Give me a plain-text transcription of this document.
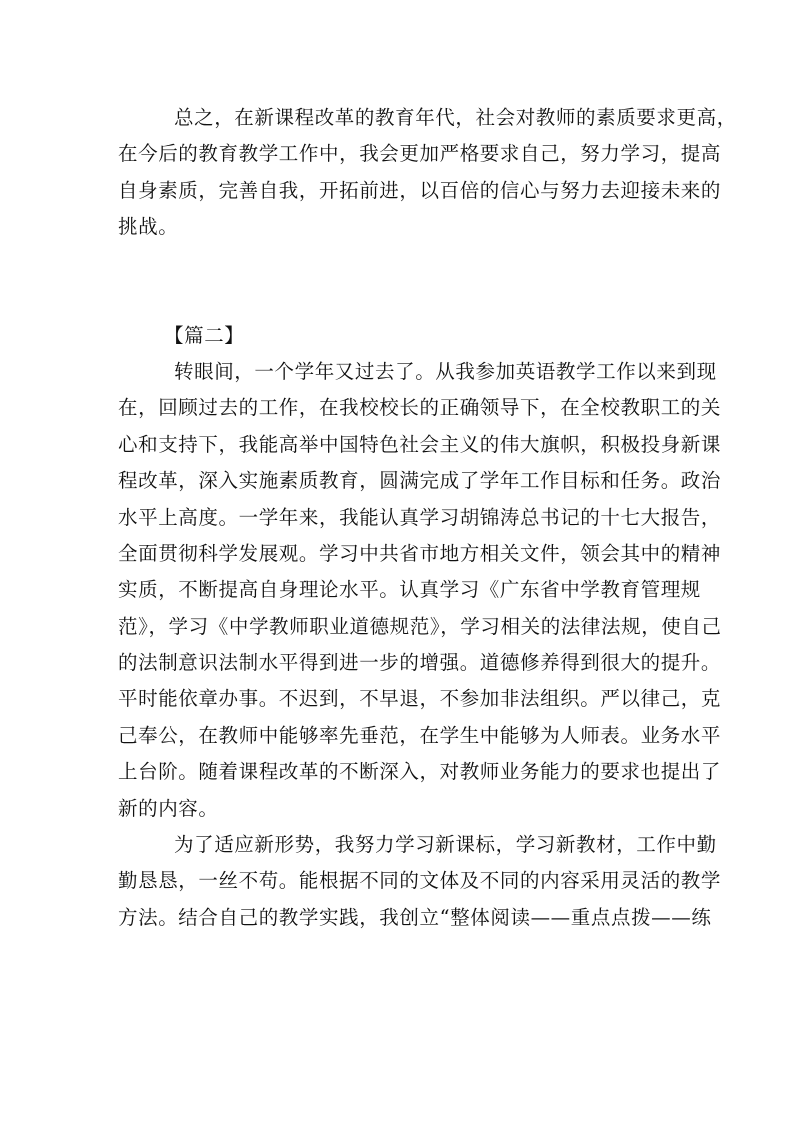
总之，在新课程改革的教育年代，社会对教师的素质要求更高，
在今后的教育教学工作中，我会更加严格要求自己，努力学习，提高
自身素质，完善自我，开拓前进，以百倍的信心与努力去迎接未来的
挑战。
【篇二】
转眼间，一个学年又过去了。从我参加英语教学工作以来到现
在，回顾过去的工作，在我校校长的正确领导下，在全校教职工的关
心和支持下，我能高举中国特色社会主义的伟大旗帜，积极投身新课
程改革，深入实施素质教育，圆满完成了学年工作目标和任务。政治
水平上高度。一学年来，我能认真学习胡锦涛总书记的十七大报告，
全面贯彻科学发展观。学习中共省市地方相关文件，领会其中的精神
实质，不断提高自身理论水平。认真学习《广东省中学教育管理规
范》，学习《中学教师职业道德规范》，学习相关的法律法规，使自己
的法制意识法制水平得到进一步的增强。道德修养得到很大的提升。
平时能依章办事。不迟到，不早退，不参加非法组织。严以律己，克
己奉公，在教师中能够率先垂范，在学生中能够为人师表。业务水平
上台阶。随着课程改革的不断深入，对教师业务能力的要求也提出了
新的内容。
为了适应新形势，我努力学习新课标，学习新教材，工作中勤
勤恳恳，一丝不苟。能根据不同的文体及不同的内容采用灵活的教学
方法。结合自己的教学实践，我创立“整体阅读——重点点拨——练
